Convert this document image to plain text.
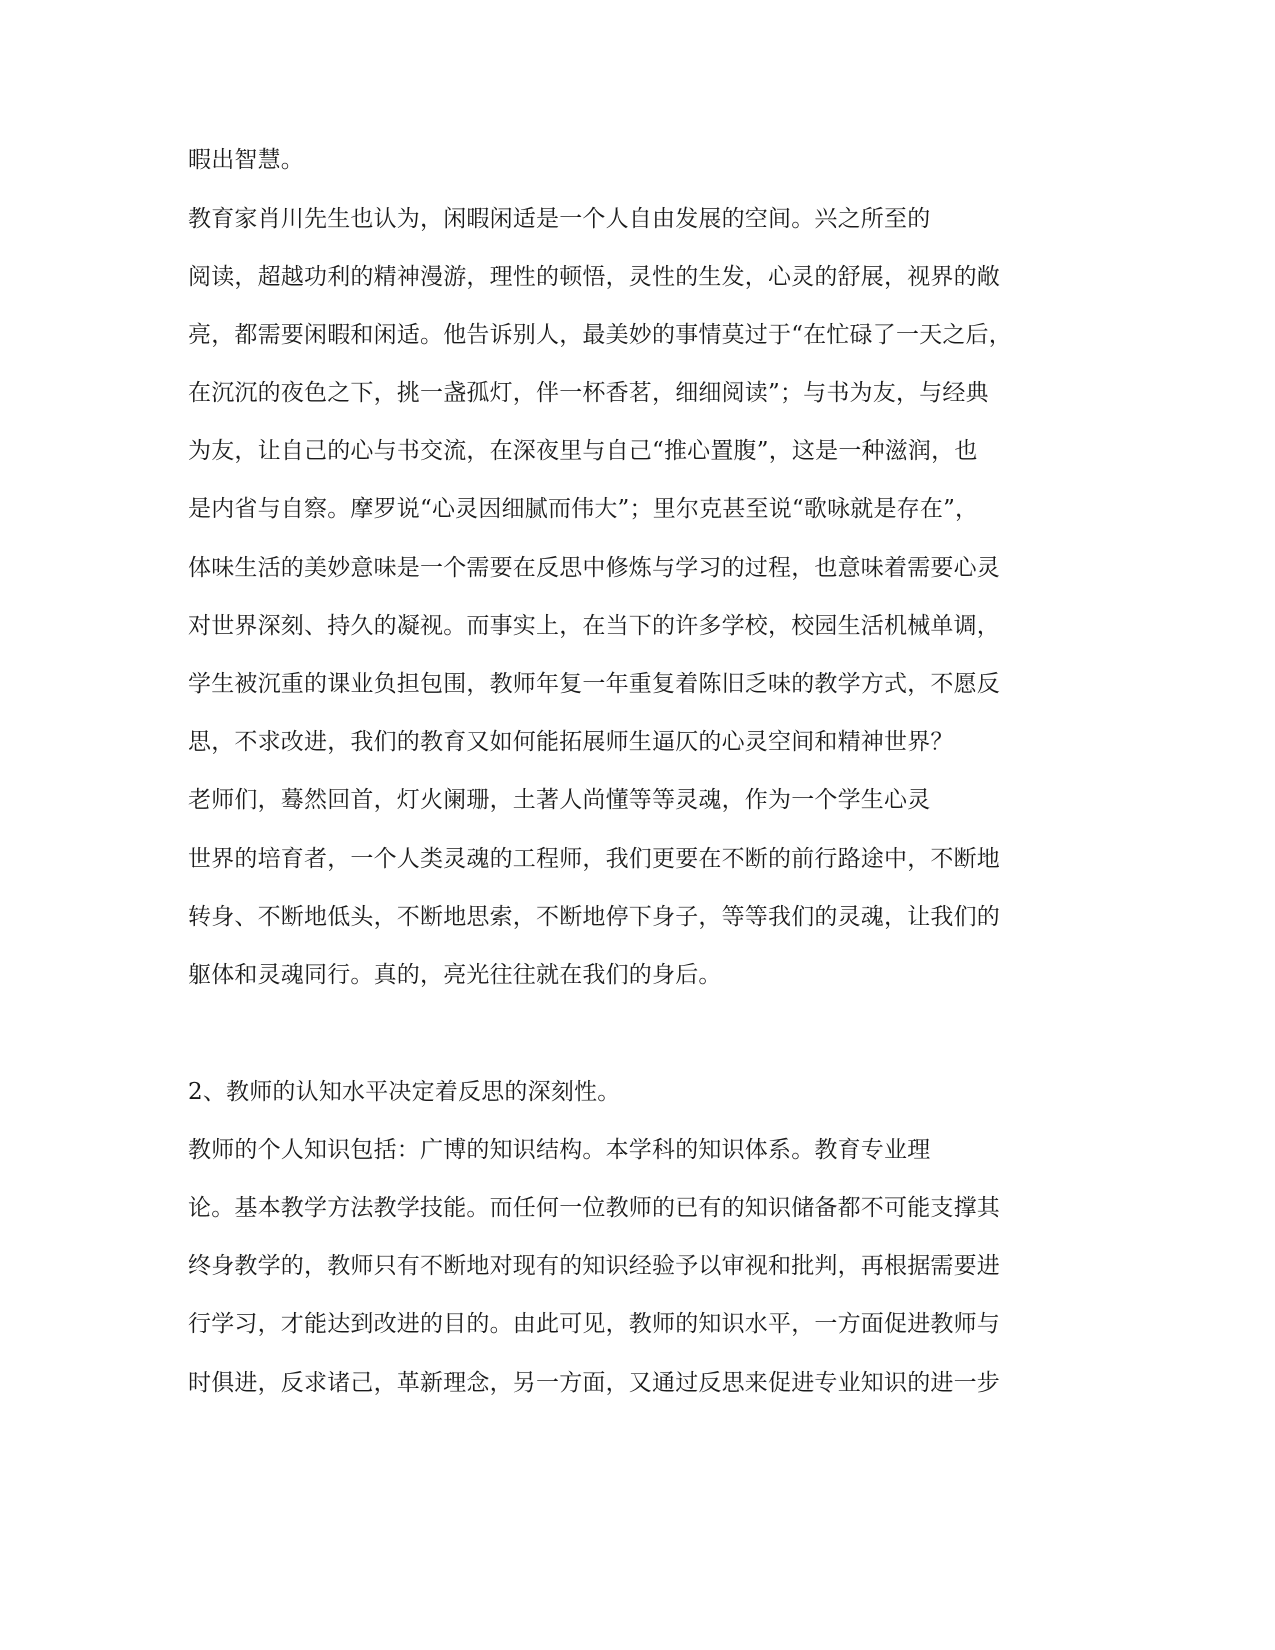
暇出智慧。
教育家肖川先生也认为，闲暇闲适是一个人自由发展的空间。兴之所至的
阅读，超越功利的精神漫游，理性的顿悟，灵性的生发，心灵的舒展，视界的敞
亮，都需要闲暇和闲适。他告诉别人，最美妙的事情莫过于“在忙碌了一天之后，
在沉沉的夜色之下，挑一盏孤灯，伴一杯香茗，细细阅读”；与书为友，与经典
为友，让自己的心与书交流，在深夜里与自己“推心置腹”，这是一种滋润，也
是内省与自察。摩罗说“心灵因细腻而伟大”；里尔克甚至说“歌咏就是存在”，
体味生活的美妙意味是一个需要在反思中修炼与学习的过程，也意味着需要心灵
对世界深刻、持久的凝视。而事实上，在当下的许多学校，校园生活机械单调，
学生被沉重的课业负担包围，教师年复一年重复着陈旧乏味的教学方式，不愿反
思，不求改进，我们的教育又如何能拓展师生逼仄的心灵空间和精神世界？
老师们，蓦然回首，灯火阑珊，土著人尚懂等等灵魂，作为一个学生心灵
世界的培育者，一个人类灵魂的工程师，我们更要在不断的前行路途中，不断地
转身、不断地低头，不断地思索，不断地停下身子，等等我们的灵魂，让我们的
躯体和灵魂同行。真的，亮光往往就在我们的身后。
2、教师的认知水平决定着反思的深刻性。
教师的个人知识包括：广博的知识结构。本学科的知识体系。教育专业理
论。基本教学方法教学技能。而任何一位教师的已有的知识储备都不可能支撑其
终身教学的，教师只有不断地对现有的知识经验予以审视和批判，再根据需要进
行学习，才能达到改进的目的。由此可见，教师的知识水平，一方面促进教师与
时俱进，反求诸己，革新理念，另一方面，又通过反思来促进专业知识的进一步
